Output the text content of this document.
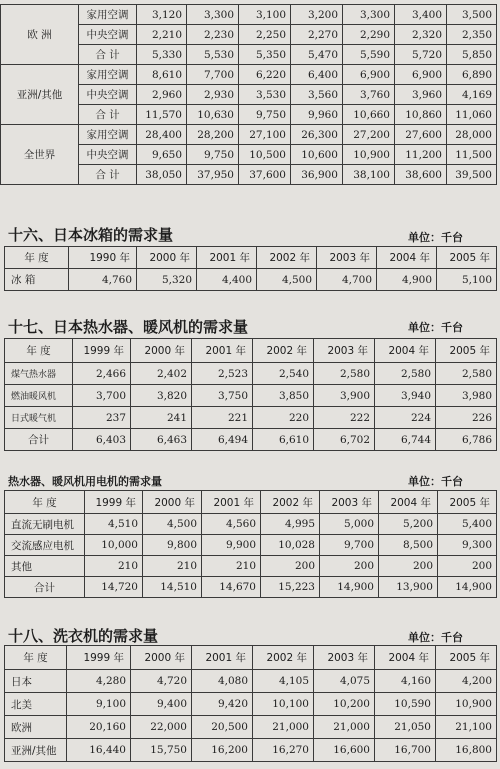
欧 洲	家用空调	3,120	3,300	3,100	3,200	3,300	3,400	3,500
	中央空调	2,210	2,230	2,250	2,270	2,290	2,320	2,350
	合 计	5,330	5,530	5,350	5,470	5,590	5,720	5,850
亚洲/其他	家用空调	8,610	7,700	6,220	6,400	6,900	6,900	6,890
	中央空调	2,960	2,930	3,530	3,560	3,760	3,960	4,169
	合 计	11,570	10,630	9,750	9,960	10,660	10,860	11,060
全世界	家用空调	28,400	28,200	27,100	26,300	27,200	27,600	28,000
	中央空调	9,650	9,750	10,500	10,600	10,900	11,200	11,500
	合 计	38,050	37,950	37,600	36,900	38,100	38,600	39,500
十六、日本冰箱的需求量	单位：千台
年 度	1990 年	2000 年	2001 年	2002 年	2003 年	2004 年	2005 年
冰 箱	4,760	5,320	4,400	4,500	4,700	4,900	5,100
十七、日本热水器、暖风机的需求量	单位：千台
年 度	1999 年	2000 年	2001 年	2002 年	2003 年	2004 年	2005 年
煤气热水器	2,466	2,402	2,523	2,540	2,580	2,580	2,580
燃油暖风机	3,700	3,820	3,750	3,850	3,900	3,940	3,980
日式暖气机	237	241	221	220	222	224	226
合计	6,403	6,463	6,494	6,610	6,702	6,744	6,786
热水器、暖风机用电机的需求量	单位：千台
年 度	1999 年	2000 年	2001 年	2002 年	2003 年	2004 年	2005 年
直流无刷电机	4,510	4,500	4,560	4,995	5,000	5,200	5,400
交流感应电机	10,000	9,800	9,900	10,028	9,700	8,500	9,300
其他	210	210	210	200	200	200	200
合计	14,720	14,510	14,670	15,223	14,900	13,900	14,900
十八、洗衣机的需求量	单位：千台
年 度	1999 年	2000 年	2001 年	2002 年	2003 年	2004 年	2005 年
日本	4,280	4,720	4,080	4,105	4,075	4,160	4,200
北美	9,100	9,400	9,420	10,100	10,200	10,590	10,900
欧洲	20,160	22,000	20,500	21,000	21,000	21,050	21,100
亚洲/其他	16,440	15,750	16,200	16,270	16,600	16,700	16,800
